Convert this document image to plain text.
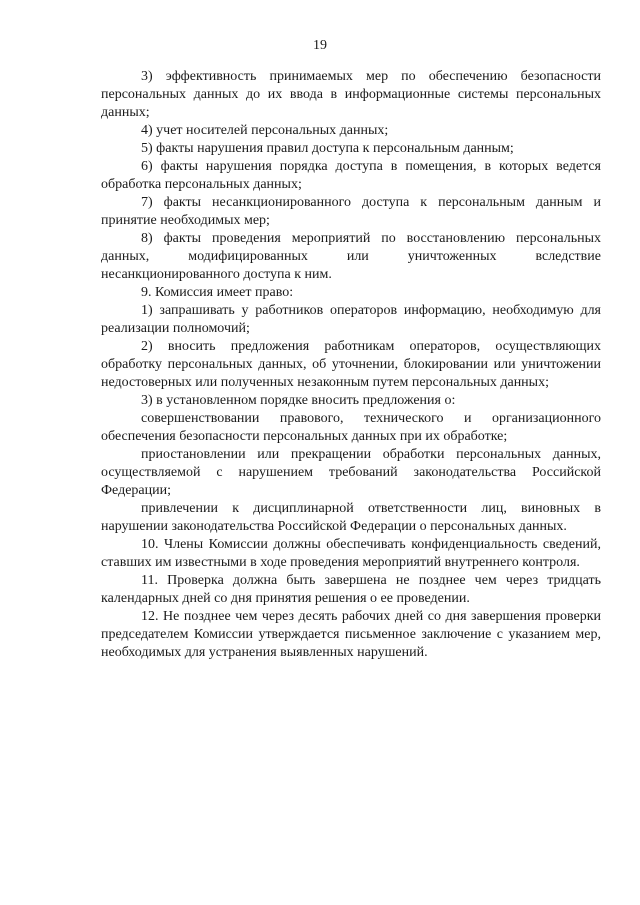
19

3) эффективность принимаемых мер по обеспечению безопасности персональных данных до их ввода в информационные системы персональных данных;

4) учет носителей персональных данных;

5) факты нарушения правил доступа к персональным данным;

6) факты нарушения порядка доступа в помещения, в которых ведется обработка персональных данных;

7) факты несанкционированного доступа к персональным данным и принятие необходимых мер;

8) факты проведения мероприятий по восстановлению персональных данных, модифицированных или уничтоженных вследствие несанкционированного доступа к ним.

9. Комиссия имеет право:

1) запрашивать у работников операторов информацию, необходимую для реализации полномочий;

2) вносить предложения работникам операторов, осуществляющих обработку персональных данных, об уточнении, блокировании или уничтожении недостоверных или полученных незаконным путем персональных данных;

3) в установленном порядке вносить предложения о:

совершенствовании правового, технического и организационного обеспечения безопасности персональных данных при их обработке;

приостановлении или прекращении обработки персональных данных, осуществляемой с нарушением требований законодательства Российской Федерации;

привлечении к дисциплинарной ответственности лиц, виновных в нарушении законодательства Российской Федерации о персональных данных.

10. Члены Комиссии должны обеспечивать конфиденциальность сведений, ставших им известными в ходе проведения мероприятий внутреннего контроля.

11. Проверка должна быть завершена не позднее чем через тридцать календарных дней со дня принятия решения о ее проведении.

12. Не позднее чем через десять рабочих дней со дня завершения проверки председателем Комиссии утверждается письменное заключение с указанием мер, необходимых для устранения выявленных нарушений.
